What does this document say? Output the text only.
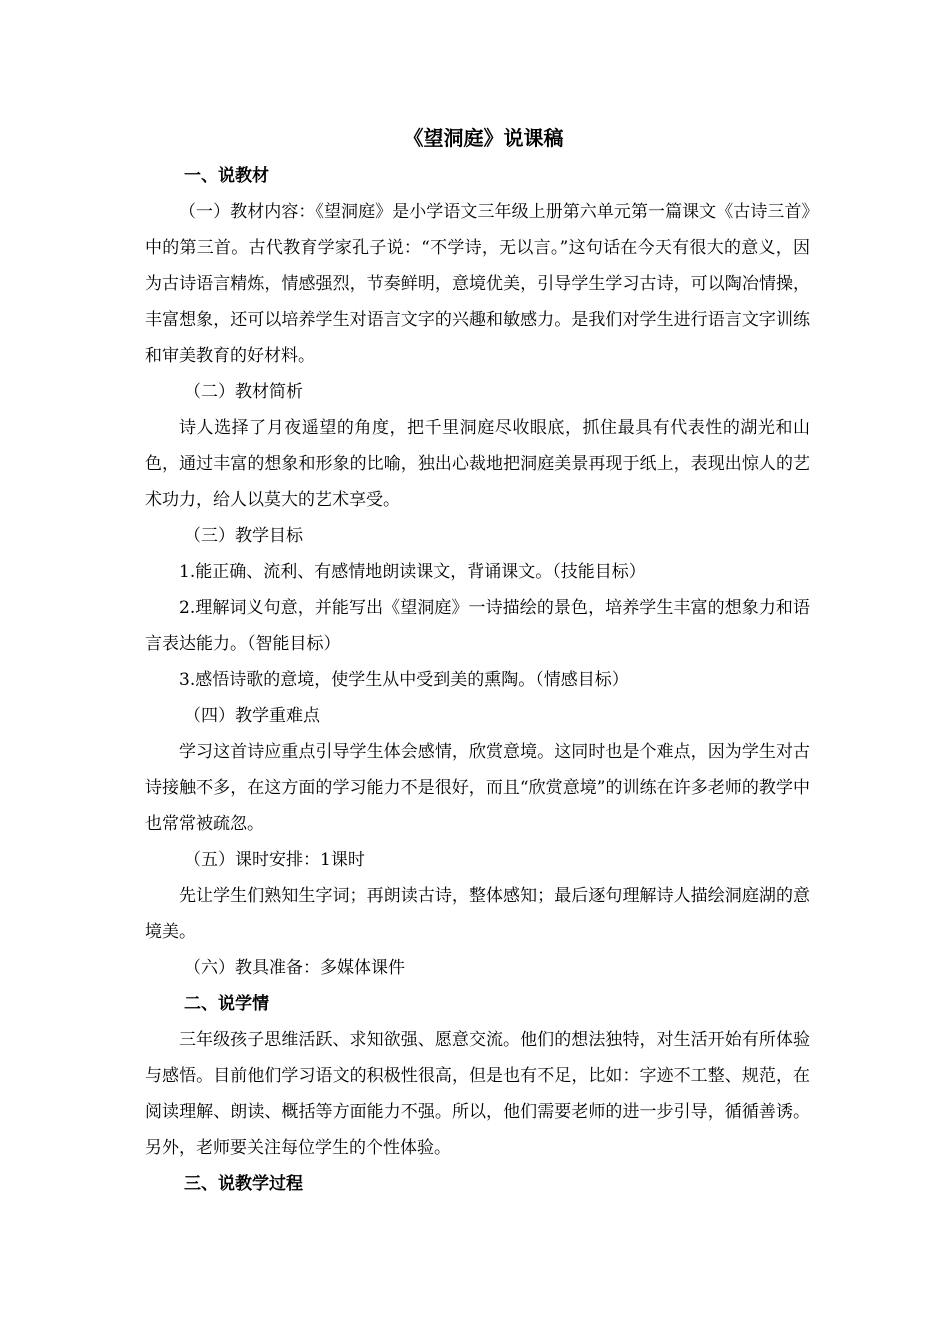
《望洞庭》说课稿

一、说教材

（一）教材内容：《望洞庭》是小学语文三年级上册第六单元第一篇课文《古诗三首》中的第三首。古代教育学家孔子说：“不学诗，无以言。”这句话在今天有很大的意义，因为古诗语言精炼，情感强烈，节奏鲜明，意境优美，引导学生学习古诗，可以陶冶情操，丰富想象，还可以培养学生对语言文字的兴趣和敏感力。是我们对学生进行语言文字训练和审美教育的好材料。

（二）教材简析

诗人选择了月夜遥望的角度，把千里洞庭尽收眼底，抓住最具有代表性的湖光和山色，通过丰富的想象和形象的比喻，独出心裁地把洞庭美景再现于纸上，表现出惊人的艺术功力，给人以莫大的艺术享受。

（三）教学目标

1.能正确、流利、有感情地朗读课文，背诵课文。（技能目标）

2.理解词义句意，并能写出《望洞庭》一诗描绘的景色，培养学生丰富的想象力和语言表达能力。（智能目标）

3.感悟诗歌的意境，使学生从中受到美的熏陶。（情感目标）

（四）教学重难点

学习这首诗应重点引导学生体会感情，欣赏意境。这同时也是个难点，因为学生对古诗接触不多，在这方面的学习能力不是很好，而且“欣赏意境”的训练在许多老师的教学中也常常被疏忽。

（五）课时安排：1课时

先让学生们熟知生字词；再朗读古诗，整体感知；最后逐句理解诗人描绘洞庭湖的意境美。

（六）教具准备：多媒体课件

二、说学情

三年级孩子思维活跃、求知欲强、愿意交流。他们的想法独特，对生活开始有所体验与感悟。目前他们学习语文的积极性很高，但是也有不足，比如：字迹不工整、规范，在阅读理解、朗读、概括等方面能力不强。所以，他们需要老师的进一步引导，循循善诱。另外，老师要关注每位学生的个性体验。

三、说教学过程
